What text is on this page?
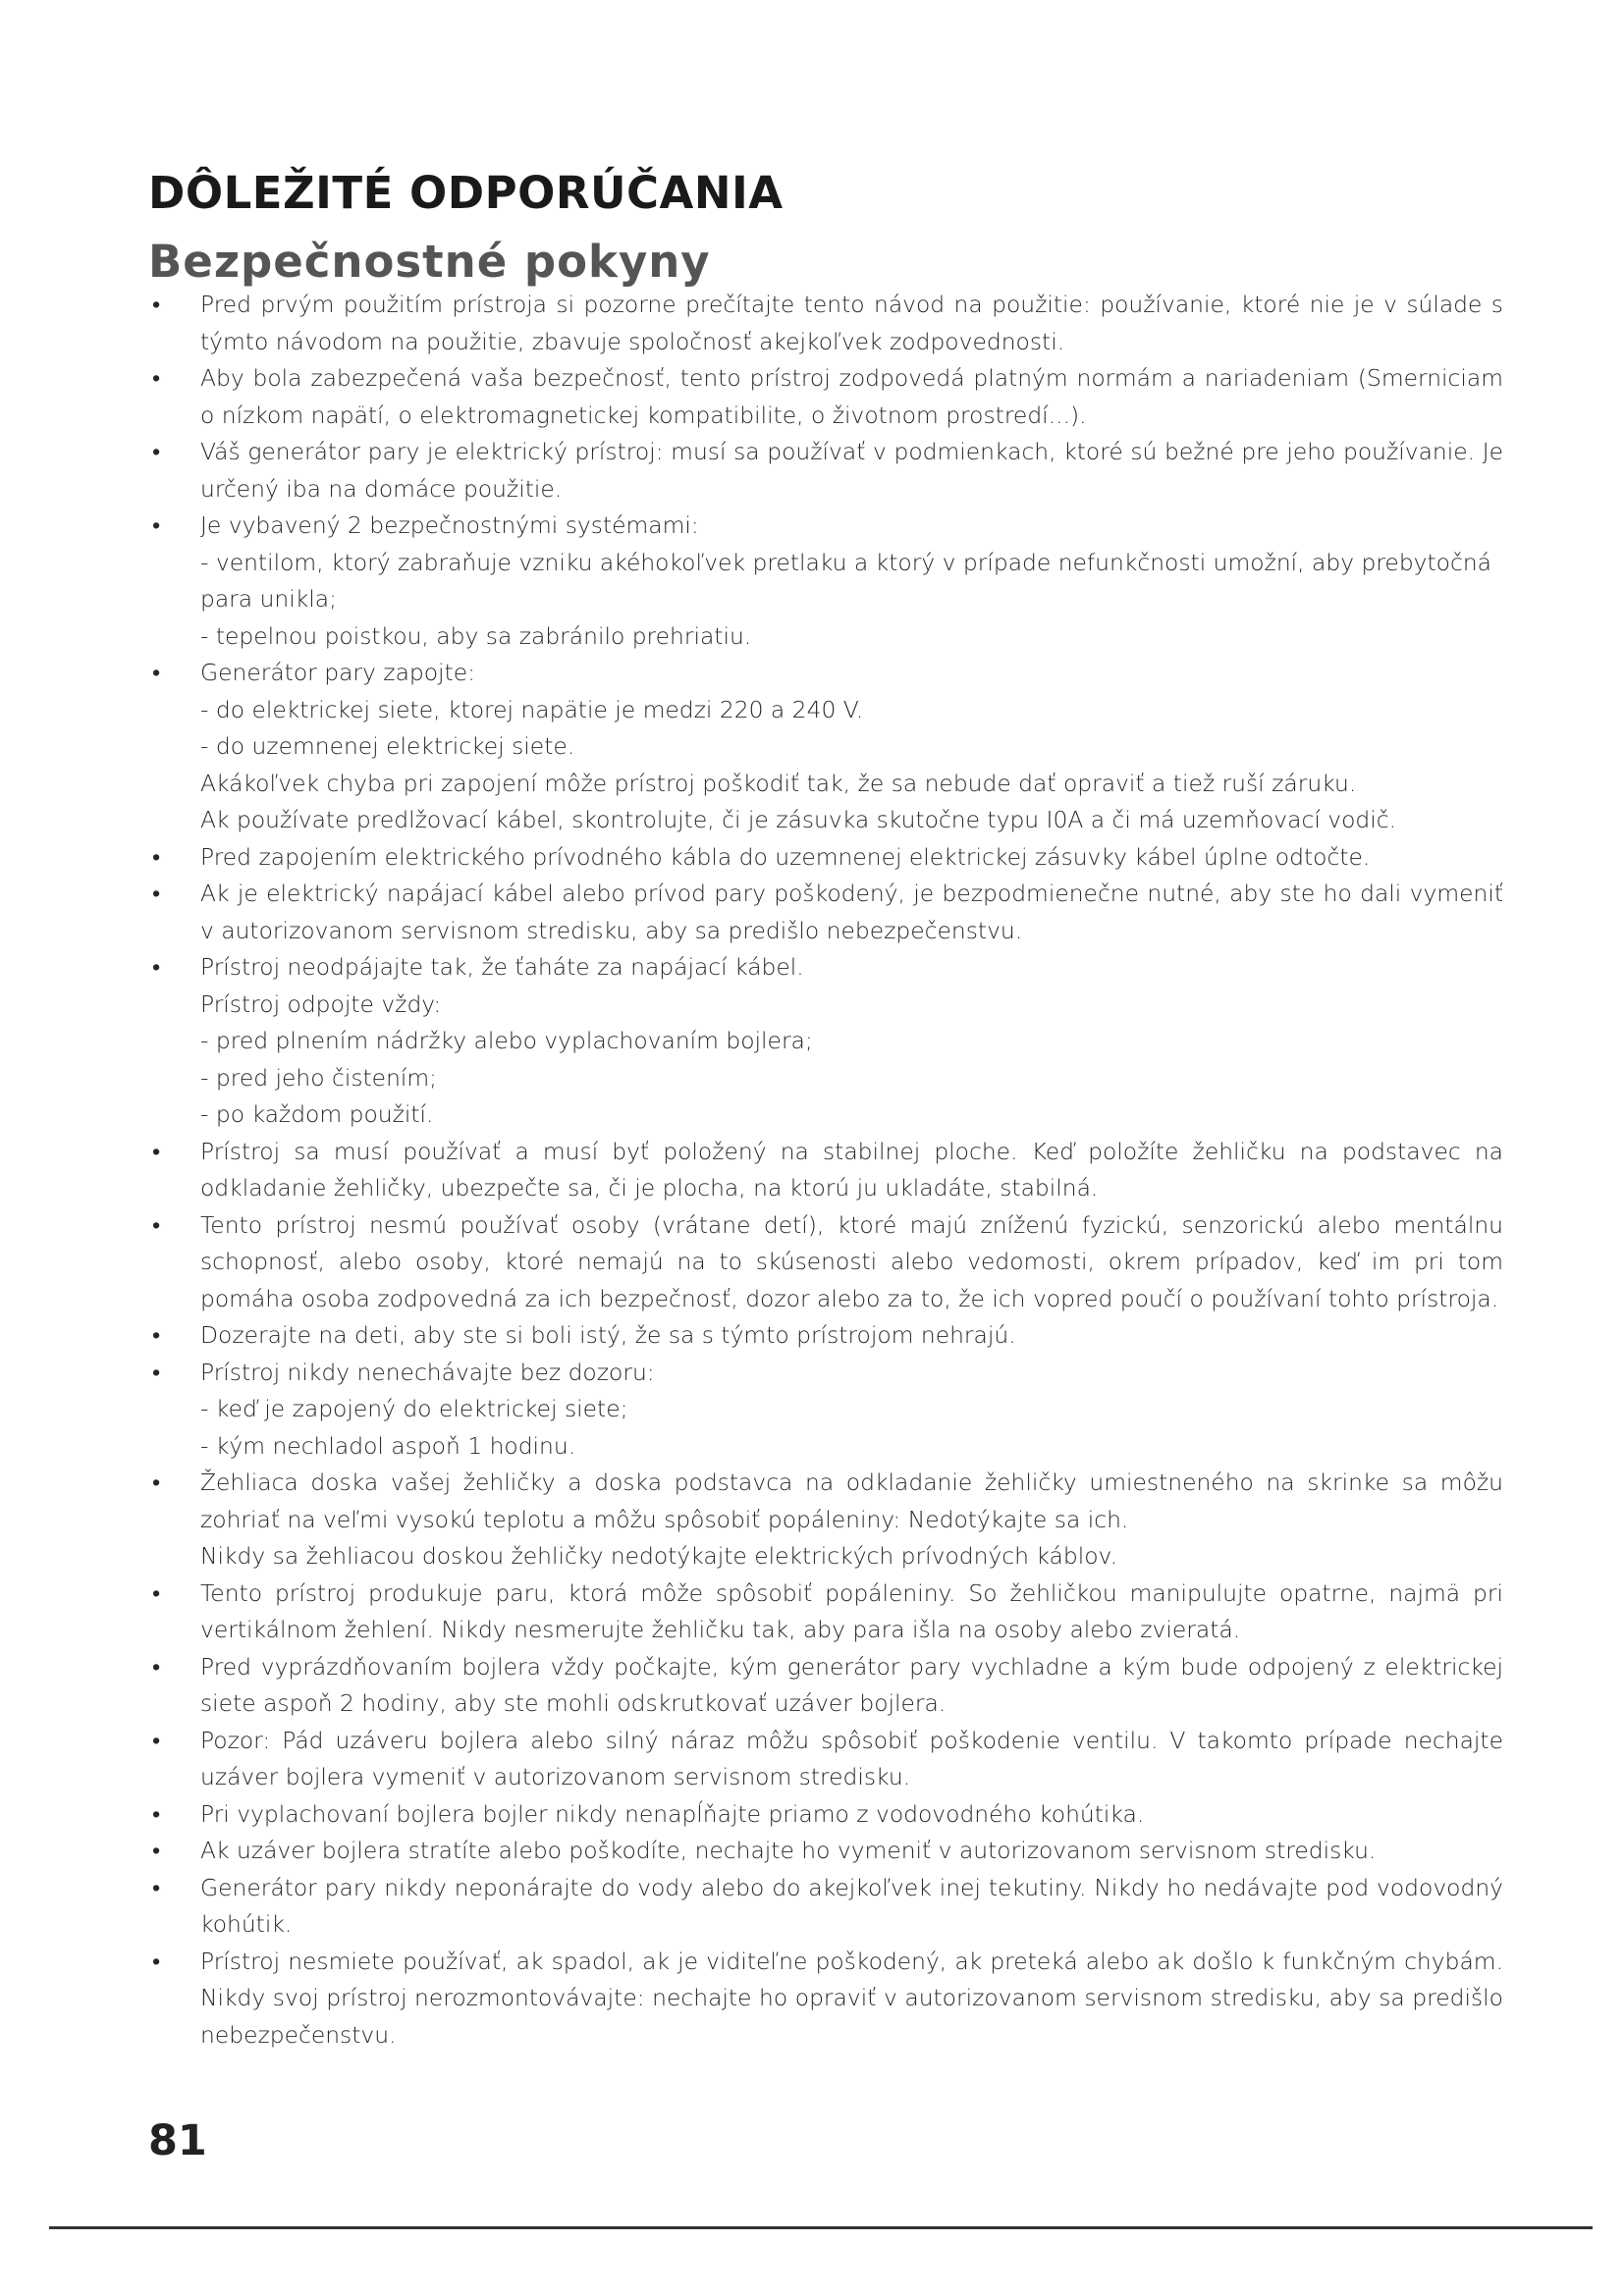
DÔLEŽITÉ ODPORÚČANIA
Bezpečnostné pokyny
• Pred prvým použitím prístroja si pozorne prečítajte tento návod na použitie: používanie, ktoré nie je v súlade s týmto návodom na použitie, zbavuje spoločnosť akejkoľvek zodpovednosti.
• Aby bola zabezpečená vaša bezpečnosť, tento prístroj zodpovedá platným normám a nariadeniam (Smerniciam o nízkom napätí, o elektromagnetickej kompatibilite, o životnom prostredí...).
• Váš generátor pary je elektrický prístroj: musí sa používať v podmienkach, ktoré sú bežné pre jeho používanie. Je určený iba na domáce použitie.
• Je vybavený 2 bezpečnostnými systémami:
- ventilom, ktorý zabraňuje vzniku akéhokoľvek pretlaku a ktorý v prípade nefunkčnosti umožní, aby prebytočná para unikla;
- tepelnou poistkou, aby sa zabránilo prehriatiu.
• Generátor pary zapojte:
- do elektrickej siete, ktorej napätie je medzi 220 a 240 V.
- do uzemnenej elektrickej siete.
Akákoľvek chyba pri zapojení môže prístroj poškodiť tak, že sa nebude dať opraviť a tiež ruší záruku.
Ak používate predlžovací kábel, skontrolujte, či je zásuvka skutočne typu I0A a či má uzemňovací vodič.
• Pred zapojením elektrického prívodného kábla do uzemnenej elektrickej zásuvky kábel úplne odtočte.
• Ak je elektrický napájací kábel alebo prívod pary poškodený, je bezpodmienečne nutné, aby ste ho dali vymeniť v autorizovanom servisnom stredisku, aby sa predišlo nebezpečenstvu.
• Prístroj neodpájajte tak, že ťaháte za napájací kábel.
Prístroj odpojte vždy:
- pred plnením nádržky alebo vyplachovaním bojlera;
- pred jeho čistením;
- po každom použití.
• Prístroj sa musí používať a musí byť položený na stabilnej ploche. Keď položíte žehličku na podstavec na odkladanie žehličky, ubezpečte sa, či je plocha, na ktorú ju ukladáte, stabilná.
• Tento prístroj nesmú používať osoby (vrátane detí), ktoré majú zníženú fyzickú, senzorickú alebo mentálnu schopnosť, alebo osoby, ktoré nemajú na to skúsenosti alebo vedomosti, okrem prípadov, keď im pri tom pomáha osoba zodpovedná za ich bezpečnosť, dozor alebo za to, že ich vopred poučí o používaní tohto prístroja.
• Dozerajte na deti, aby ste si boli istý, že sa s týmto prístrojom nehrajú.
• Prístroj nikdy nenechávajte bez dozoru:
- keď je zapojený do elektrickej siete;
- kým nechladol aspoň 1 hodinu.
• Žehliaca doska vašej žehličky a doska podstavca na odkladanie žehličky umiestneného na skrinke sa môžu zohriať na veľmi vysokú teplotu a môžu spôsobiť popáleniny: Nedotýkajte sa ich.
Nikdy sa žehliacou doskou žehličky nedotýkajte elektrických prívodných káblov.
• Tento prístroj produkuje paru, ktorá môže spôsobiť popáleniny. So žehličkou manipulujte opatrne, najmä pri vertikálnom žehlení. Nikdy nesmerujte žehličku tak, aby para išla na osoby alebo zvieratá.
• Pred vyprázdňovaním bojlera vždy počkajte, kým generátor pary vychladne a kým bude odpojený z elektrickej siete aspoň 2 hodiny, aby ste mohli odskrutkovať uzáver bojlera.
• Pozor: Pád uzáveru bojlera alebo silný náraz môžu spôsobiť poškodenie ventilu. V takomto prípade nechajte uzáver bojlera vymeniť v autorizovanom servisnom stredisku.
• Pri vyplachovaní bojlera bojler nikdy nenapĺňajte priamo z vodovodného kohútika.
• Ak uzáver bojlera stratíte alebo poškodíte, nechajte ho vymeniť v autorizovanom servisnom stredisku.
• Generátor pary nikdy neponárajte do vody alebo do akejkoľvek inej tekutiny. Nikdy ho nedávajte pod vodovodný kohútik.
• Prístroj nesmiete používať, ak spadol, ak je viditeľne poškodený, ak preteká alebo ak došlo k funkčným chybám. Nikdy svoj prístroj nerozmontovávajte: nechajte ho opraviť v autorizovanom servisnom stredisku, aby sa predišlo nebezpečenstvu.
81
